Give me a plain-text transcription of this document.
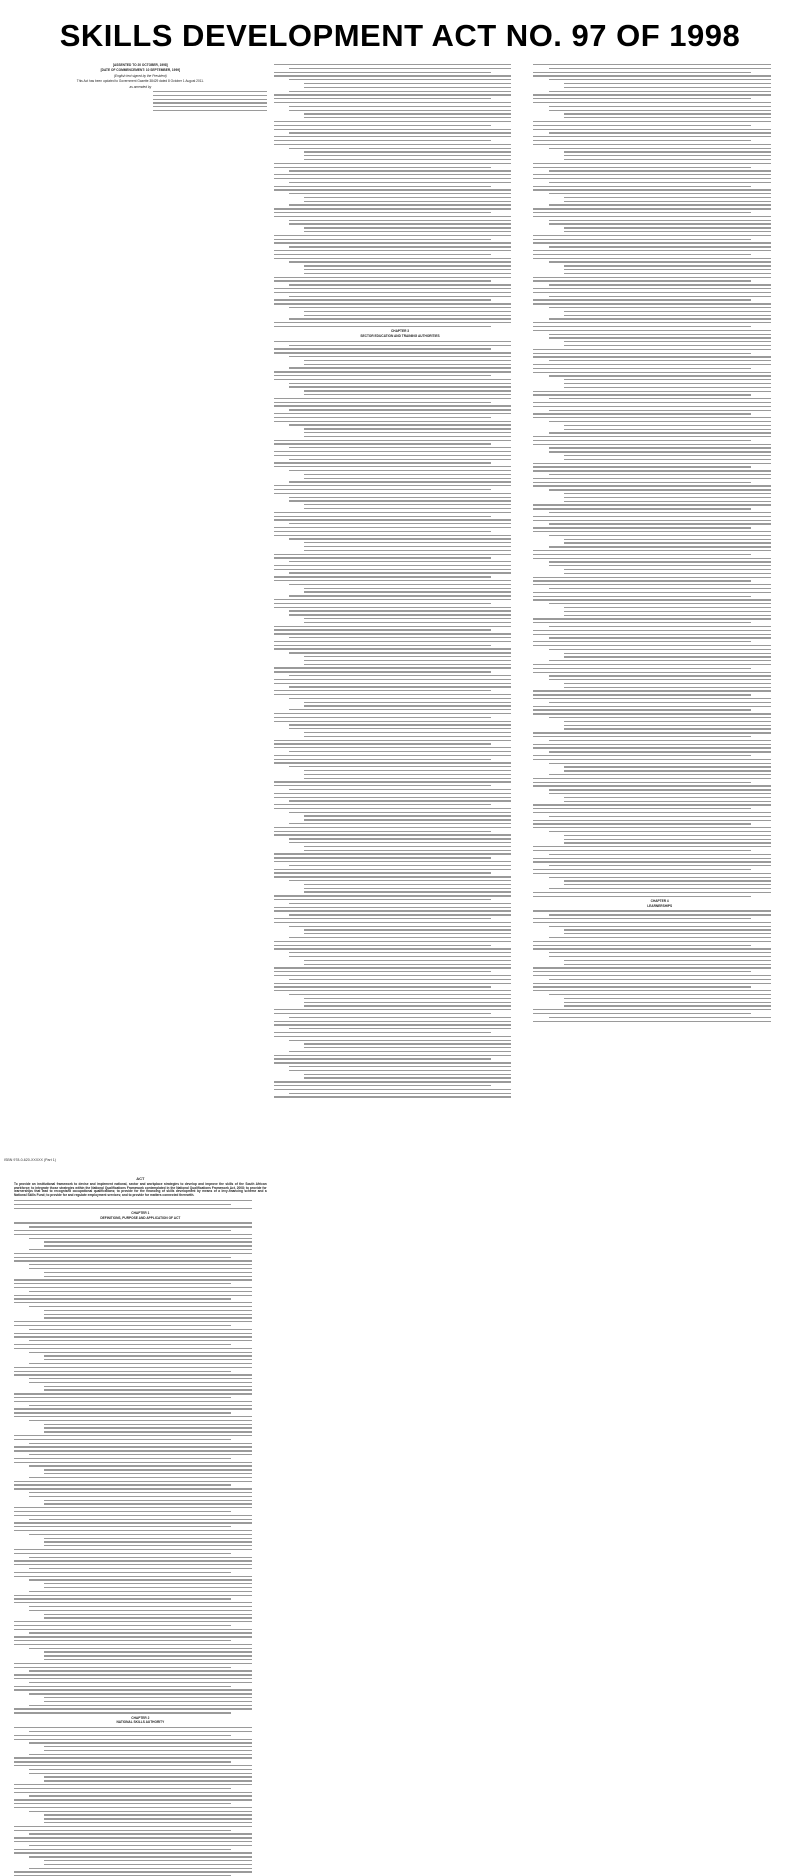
SKILLS DEVELOPMENT ACT NO. 97 OF 1998
[ASSENTED TO 20 OCTOBER, 1998]
[DATE OF COMMENCEMENT: 10 SEPTEMBER, 1999]
(English text signed by the President)
This Act has been updated to Government Gazette 38429 dated 8 October 1 August 2011.
as amended by
ACT
To provide an institutional framework to devise and implement national, sector and workplace strategies to develop and improve the skills of the South African workforce; to integrate those strategies within the National Qualifications Framework contemplated in the National Qualifications Framework Act, 2008; to provide for learnerships that lead to recognised occupational qualifications; to provide for the financing of skills development by means of a levy-financing scheme and a National Skills Fund; to provide for and regulate employment services; and to provide for matters connected therewith.
CHAPTER 1
DEFINITIONS, PURPOSE AND APPLICATION OF ACT
CHAPTER 2
NATIONAL SKILLS AUTHORITY
CHAPTER 3
SECTOR EDUCATION AND TRAINING AUTHORITIES
CHAPTER 4
LEARNERSHIPS
ISBN 978-0-620-XXXXX (Part 1)
